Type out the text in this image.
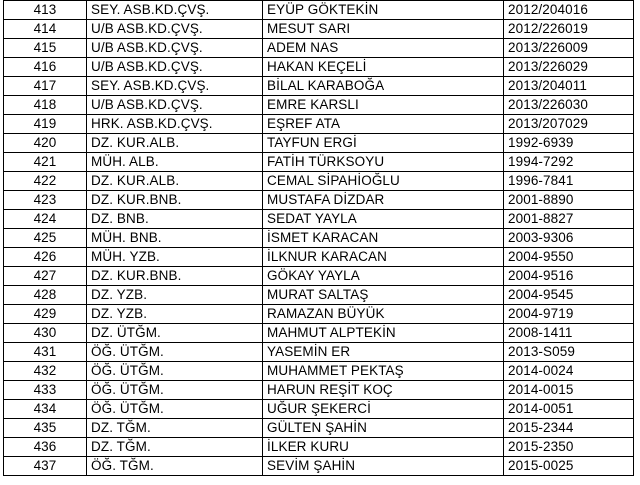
413	SEY. ASB.KD.ÇVŞ.	EYÜP GÖKTEKİN	2012/204016
414	U/B ASB.KD.ÇVŞ.	MESUT SARI	2012/226019
415	U/B ASB.KD.ÇVŞ.	ADEM NAS	2013/226009
416	U/B ASB.KD.ÇVŞ.	HAKAN KEÇELİ	2013/226029
417	SEY. ASB.KD.ÇVŞ.	BİLAL KARABOĞA	2013/204011
418	U/B ASB.KD.ÇVŞ.	EMRE KARSLI	2013/226030
419	HRK. ASB.KD.ÇVŞ.	EŞREF ATA	2013/207029
420	DZ. KUR.ALB.	TAYFUN ERGİ	1992-6939
421	MÜH. ALB.	FATİH TÜRKSOYU	1994-7292
422	DZ. KUR.ALB.	CEMAL SİPAHİOĞLU	1996-7841
423	DZ. KUR.BNB.	MUSTAFA DİZDAR	2001-8890
424	DZ. BNB.	SEDAT YAYLA	2001-8827
425	MÜH. BNB.	İSMET KARACAN	2003-9306
426	MÜH. YZB.	İLKNUR KARACAN	2004-9550
427	DZ. KUR.BNB.	GÖKAY YAYLA	2004-9516
428	DZ. YZB.	MURAT SALTAŞ	2004-9545
429	DZ. YZB.	RAMAZAN BÜYÜK	2004-9719
430	DZ. ÜTĞM.	MAHMUT ALPTEKİN	2008-1411
431	ÖĞ. ÜTĞM.	YASEMİN ER	2013-S059
432	ÖĞ. ÜTĞM.	MUHAMMET PEKTAŞ	2014-0024
433	ÖĞ. ÜTĞM.	HARUN REŞİT KOÇ	2014-0015
434	ÖĞ. ÜTĞM.	UĞUR ŞEKERCİ	2014-0051
435	DZ. TĞM.	GÜLTEN ŞAHİN	2015-2344
436	DZ. TĞM.	İLKER KURU	2015-2350
437	ÖĞ. TĞM.	SEVİM ŞAHİN	2015-0025
